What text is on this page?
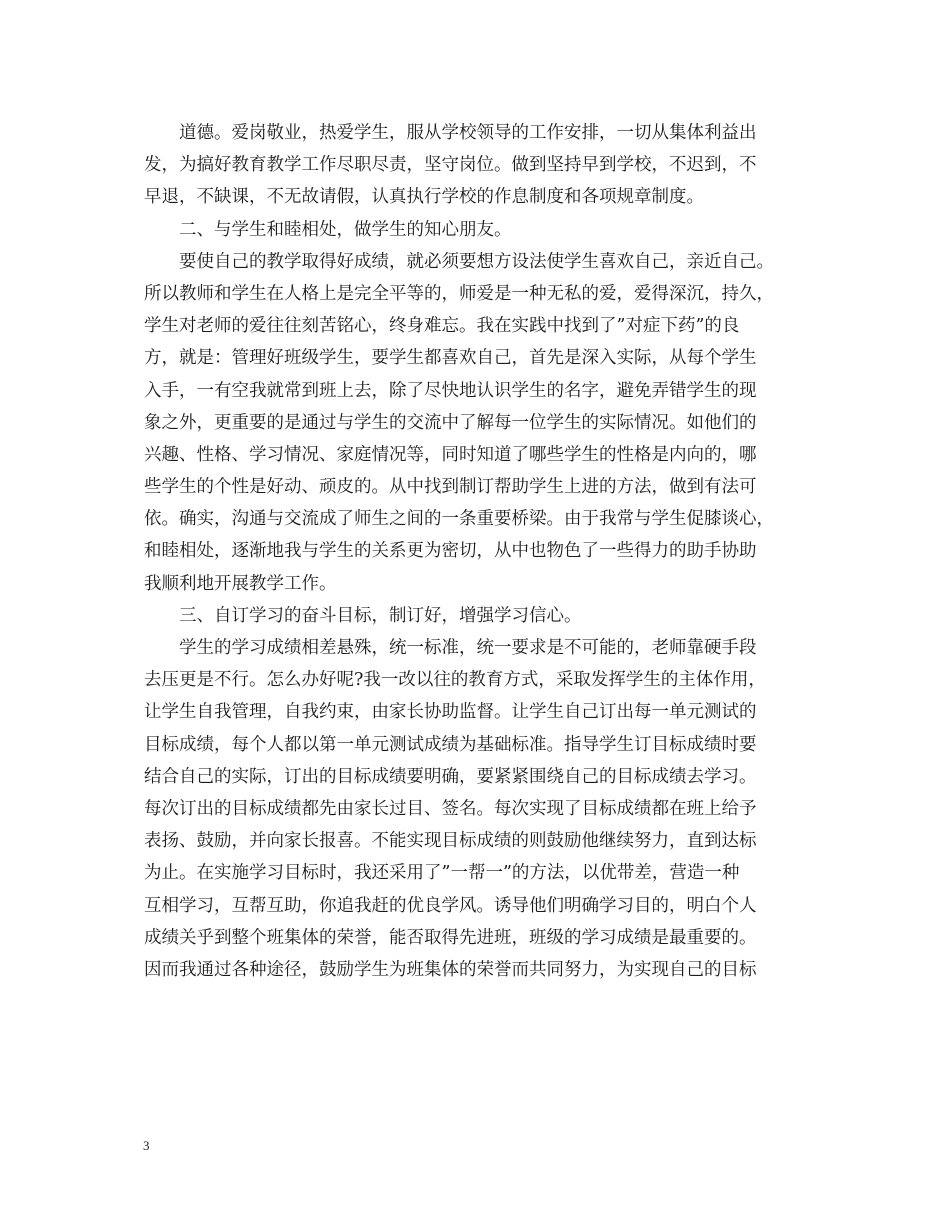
道德。爱岗敬业，热爱学生，服从学校领导的工作安排，一切从集体利益出
发，为搞好教育教学工作尽职尽责，坚守岗位。做到坚持早到学校，不迟到，不
早退，不缺课，不无故请假，认真执行学校的作息制度和各项规章制度。
二、与学生和睦相处，做学生的知心朋友。
要使自己的教学取得好成绩，就必须要想方设法使学生喜欢自己，亲近自己。
所以教师和学生在人格上是完全平等的，师爱是一种无私的爱，爱得深沉，持久，
学生对老师的爱往往刻苦铭心，终身难忘。我在实践中找到了”对症下药”的良
方，就是：管理好班级学生，要学生都喜欢自己，首先是深入实际，从每个学生
入手，一有空我就常到班上去，除了尽快地认识学生的名字，避免弄错学生的现
象之外，更重要的是通过与学生的交流中了解每一位学生的实际情况。如他们的
兴趣、性格、学习情况、家庭情况等，同时知道了哪些学生的性格是内向的，哪
些学生的个性是好动、顽皮的。从中找到制订帮助学生上进的方法，做到有法可
依。确实，沟通与交流成了师生之间的一条重要桥梁。由于我常与学生促膝谈心，
和睦相处，逐渐地我与学生的关系更为密切，从中也物色了一些得力的助手协助
我顺利地开展教学工作。
三、自订学习的奋斗目标，制订好，增强学习信心。
学生的学习成绩相差悬殊，统一标准，统一要求是不可能的，老师靠硬手段
去压更是不行。怎么办好呢?我一改以往的教育方式，采取发挥学生的主体作用，
让学生自我管理，自我约束，由家长协助监督。让学生自己订出每一单元测试的
目标成绩，每个人都以第一单元测试成绩为基础标准。指导学生订目标成绩时要
结合自己的实际，订出的目标成绩要明确，要紧紧围绕自己的目标成绩去学习。
每次订出的目标成绩都先由家长过目、签名。每次实现了目标成绩都在班上给予
表扬、鼓励，并向家长报喜。不能实现目标成绩的则鼓励他继续努力，直到达标
为止。在实施学习目标时，我还采用了”一帮一”的方法，以优带差，营造一种
互相学习，互帮互助，你追我赶的优良学风。诱导他们明确学习目的，明白个人
成绩关乎到整个班集体的荣誉，能否取得先进班，班级的学习成绩是最重要的。
因而我通过各种途径，鼓励学生为班集体的荣誉而共同努力，为实现自己的目标
3
